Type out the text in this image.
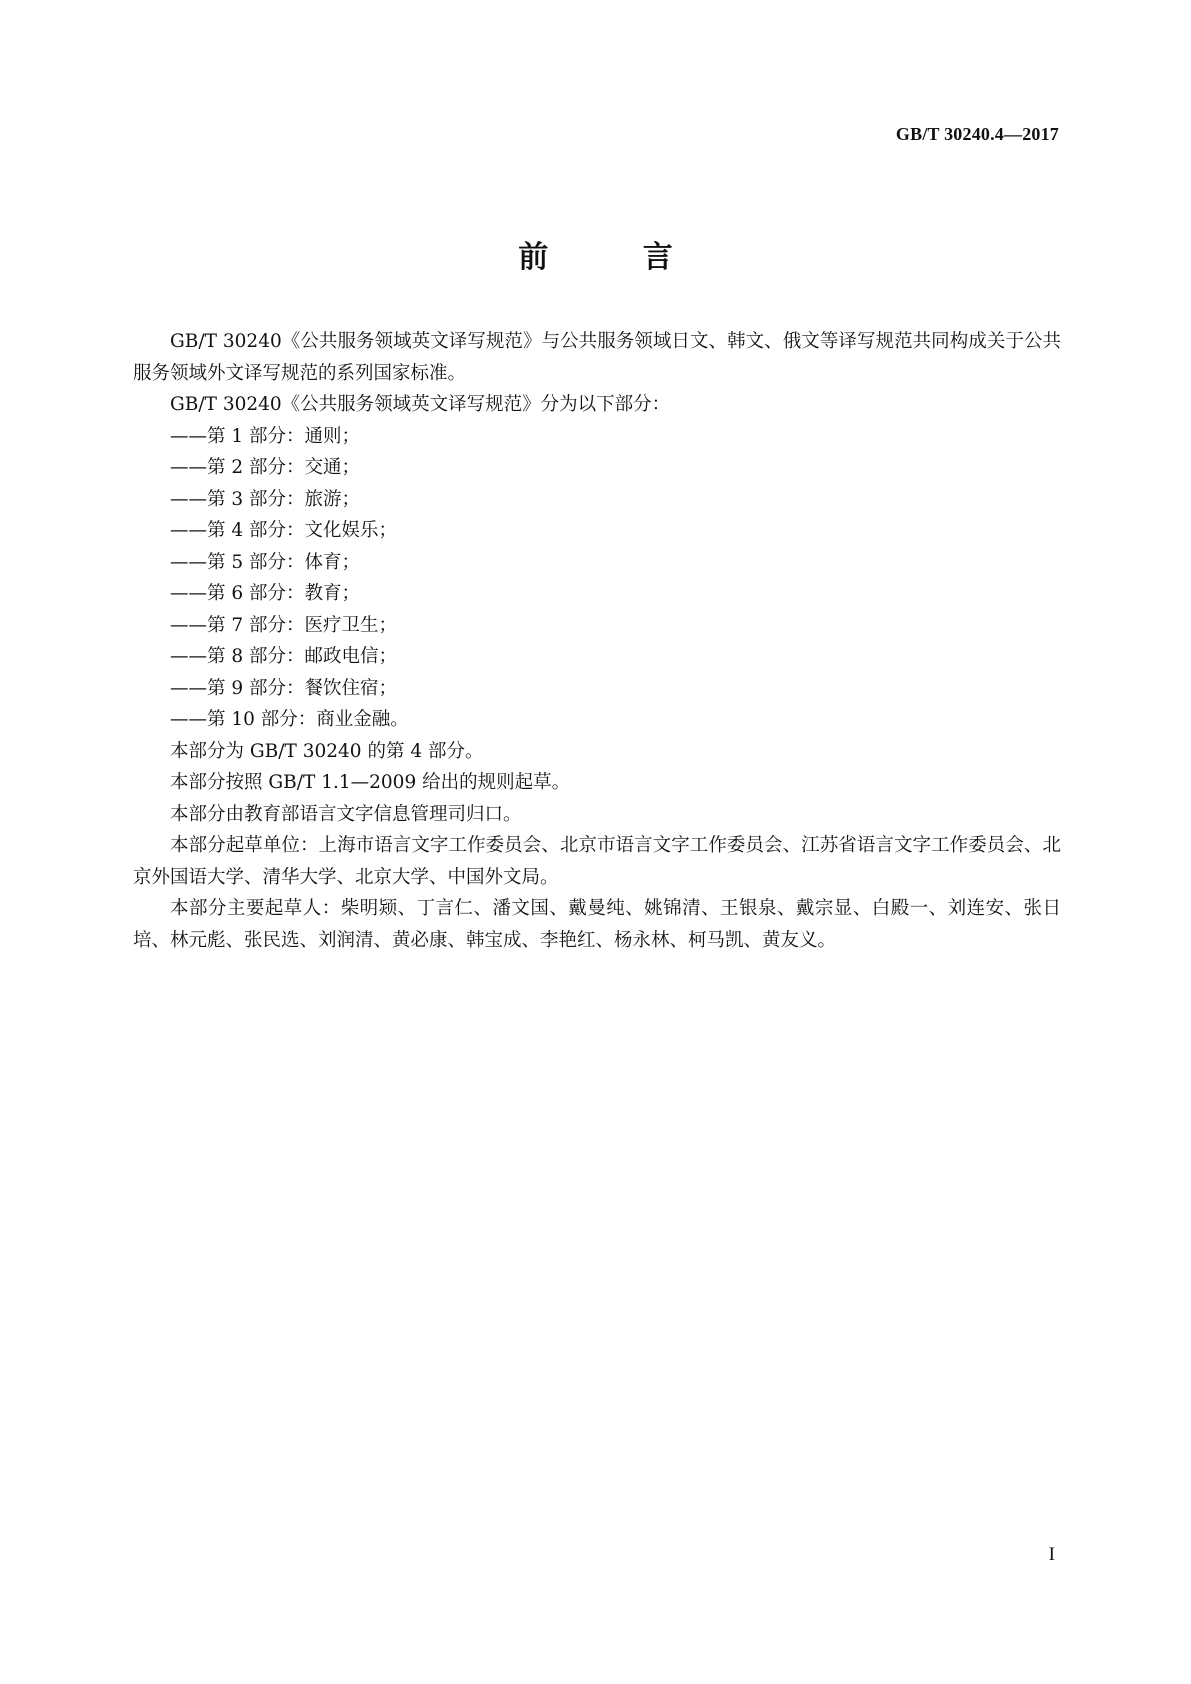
GB/T 30240.4—2017
前 言

GB/T 30240《公共服务领域英文译写规范》与公共服务领域日文、韩文、俄文等译写规范共同构成关于公共服务领域外文译写规范的系列国家标准。

GB/T 30240《公共服务领域英文译写规范》分为以下部分：

——第 1 部分：通则；
——第 2 部分：交通；
——第 3 部分：旅游；
——第 4 部分：文化娱乐；
——第 5 部分：体育；
——第 6 部分：教育；
——第 7 部分：医疗卫生；
——第 8 部分：邮政电信；
——第 9 部分：餐饮住宿；
——第 10 部分：商业金融。

本部分为 GB/T 30240 的第 4 部分。

本部分按照 GB/T 1.1—2009 给出的规则起草。

本部分由教育部语言文字信息管理司归口。

本部分起草单位：上海市语言文字工作委员会、北京市语言文字工作委员会、江苏省语言文字工作委员会、北京外国语大学、清华大学、北京大学、中国外文局。

本部分主要起草人：柴明颎、丁言仁、潘文国、戴曼纯、姚锦清、王银泉、戴宗显、白殿一、刘连安、张日培、林元彪、张民选、刘润清、黄必康、韩宝成、李艳红、杨永林、柯马凯、黄友义。

I
